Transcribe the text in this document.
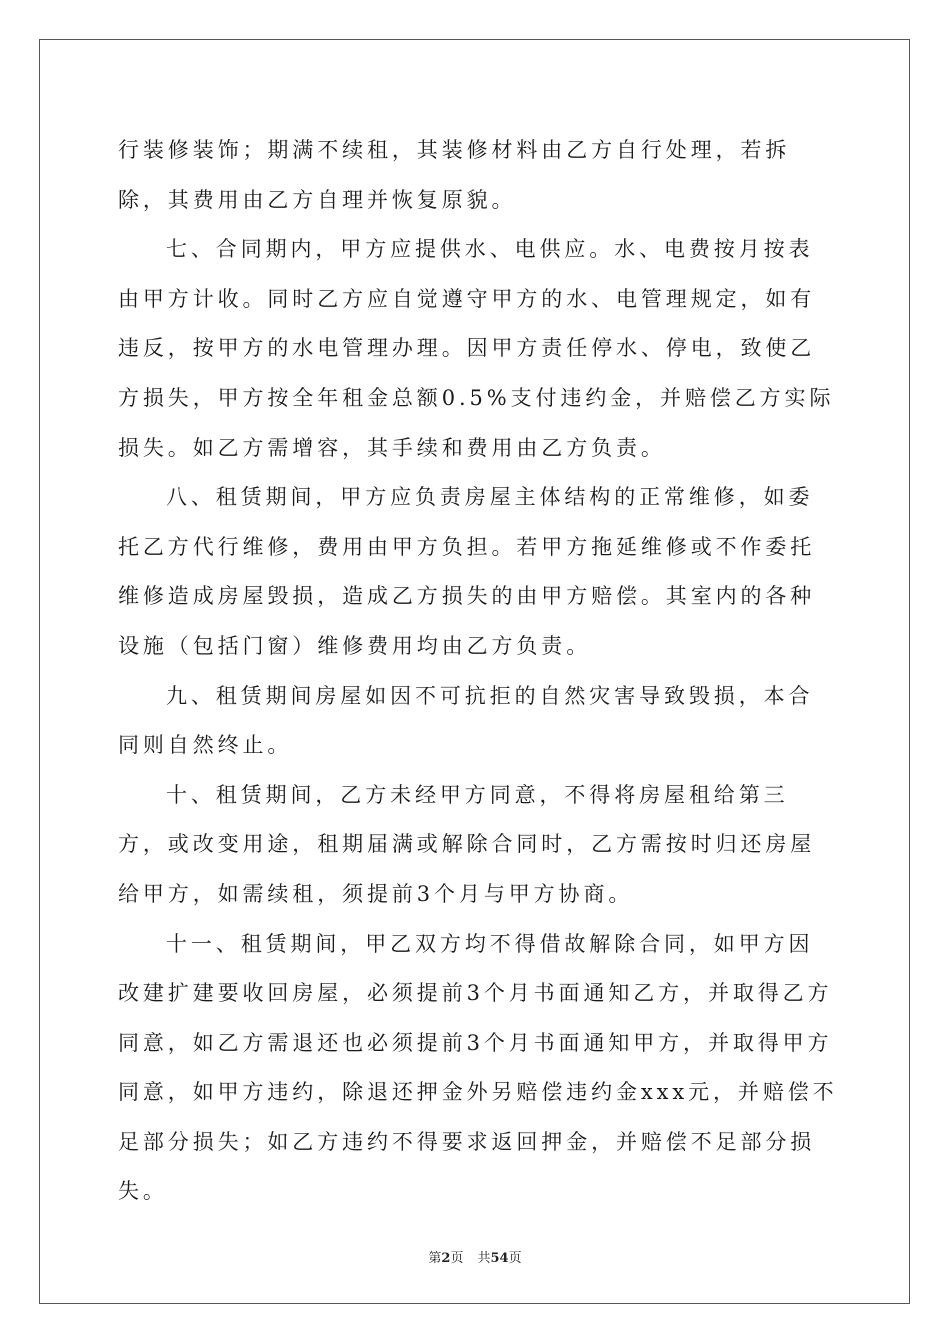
行装修装饰；期满不续租，其装修材料由乙方自行处理，若拆除，其费用由乙方自理并恢复原貌。

七、合同期内，甲方应提供水、电供应。水、电费按月按表由甲方计收。同时乙方应自觉遵守甲方的水、电管理规定，如有违反，按甲方的水电管理办理。因甲方责任停水、停电，致使乙方损失，甲方按全年租金总额0.5%支付违约金，并赔偿乙方实际损失。如乙方需增容，其手续和费用由乙方负责。

八、租赁期间，甲方应负责房屋主体结构的正常维修，如委托乙方代行维修，费用由甲方负担。若甲方拖延维修或不作委托维修造成房屋毁损，造成乙方损失的由甲方赔偿。其室内的各种设施（包括门窗）维修费用均由乙方负责。

九、租赁期间房屋如因不可抗拒的自然灾害导致毁损，本合同则自然终止。

十、租赁期间，乙方未经甲方同意，不得将房屋租给第三方，或改变用途，租期届满或解除合同时，乙方需按时归还房屋给甲方，如需续租，须提前3个月与甲方协商。

十一、租赁期间，甲乙双方均不得借故解除合同，如甲方因改建扩建要收回房屋，必须提前3个月书面通知乙方，并取得乙方同意，如乙方需退还也必须提前3个月书面通知甲方，并取得甲方同意，如甲方违约，除退还押金外另赔偿违约金xxx元，并赔偿不足部分损失；如乙方违约不得要求返回押金，并赔偿不足部分损失。

第2页 共54页
